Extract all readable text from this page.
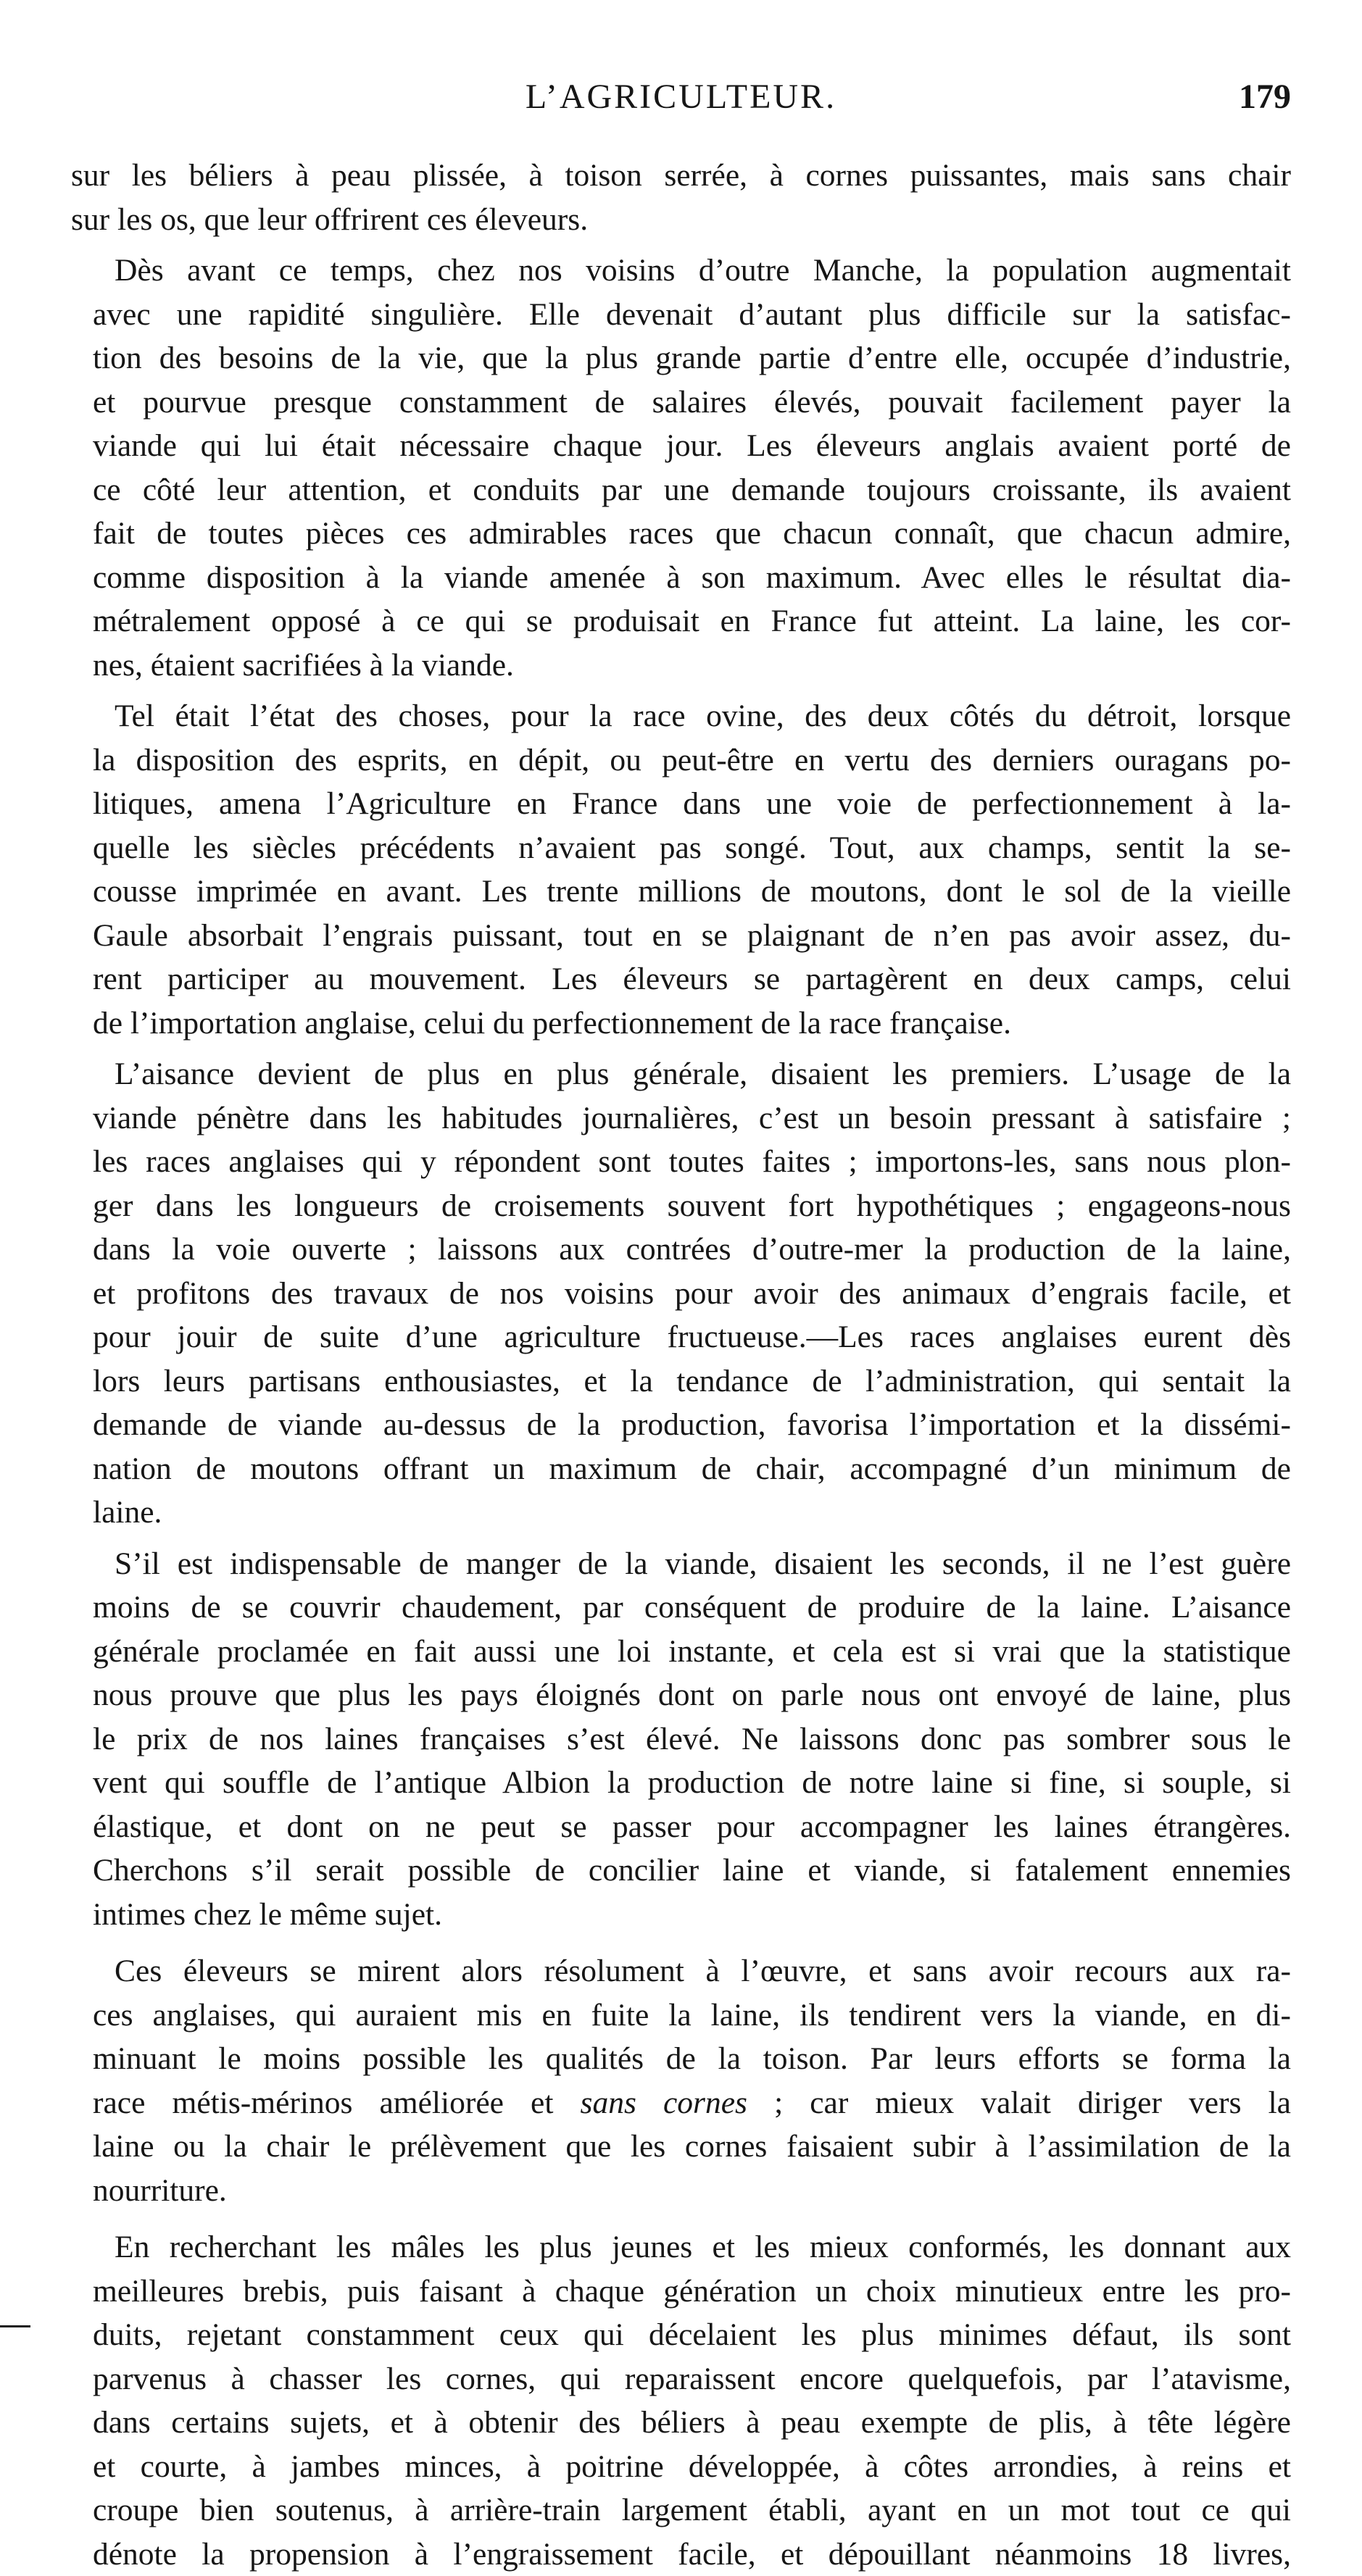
L’AGRICULTEUR.	179
sur les béliers à peau plissée, à toison serrée, à cornes puissantes, mais sans chair
sur les os, que leur offrirent ces éleveurs.
Dès avant ce temps, chez nos voisins d’outre Manche, la population augmentait
avec une rapidité singulière. Elle devenait d’autant plus difficile sur la satisfac-
tion des besoins de la vie, que la plus grande partie d’entre elle, occupée d’industrie,
et pourvue presque constamment de salaires élevés, pouvait facilement payer la
viande qui lui était nécessaire chaque jour. Les éleveurs anglais avaient porté de
ce côté leur attention, et conduits par une demande toujours croissante, ils avaient
fait de toutes pièces ces admirables races que chacun connaît, que chacun admire,
comme disposition à la viande amenée à son maximum. Avec elles le résultat dia-
métralement opposé à ce qui se produisait en France fut atteint. La laine, les cor-
nes, étaient sacrifiées à la viande.
Tel était l’état des choses, pour la race ovine, des deux côtés du détroit, lorsque
la disposition des esprits, en dépit, ou peut-être en vertu des derniers ouragans po-
litiques, amena l’Agriculture en France dans une voie de perfectionnement à la-
quelle les siècles précédents n’avaient pas songé. Tout, aux champs, sentit la se-
cousse imprimée en avant. Les trente millions de moutons, dont le sol de la vieille
Gaule absorbait l’engrais puissant, tout en se plaignant de n’en pas avoir assez, du-
rent participer au mouvement. Les éleveurs se partagèrent en deux camps, celui
de l’importation anglaise, celui du perfectionnement de la race française.
L’aisance devient de plus en plus générale, disaient les premiers. L’usage de la
viande pénètre dans les habitudes journalières, c’est un besoin pressant à satisfaire ;
les races anglaises qui y répondent sont toutes faites ; importons-les, sans nous plon-
ger dans les longueurs de croisements souvent fort hypothétiques ; engageons-nous
dans la voie ouverte ; laissons aux contrées d’outre-mer la production de la laine,
et profitons des travaux de nos voisins pour avoir des animaux d’engrais facile, et
pour jouir de suite d’une agriculture fructueuse.—Les races anglaises eurent dès
lors leurs partisans enthousiastes, et la tendance de l’administration, qui sentait la
demande de viande au-dessus de la production, favorisa l’importation et la dissémi-
nation de moutons offrant un maximum de chair, accompagné d’un minimum de
laine.
S’il est indispensable de manger de la viande, disaient les seconds, il ne l’est guère
moins de se couvrir chaudement, par conséquent de produire de la laine. L’aisance
générale proclamée en fait aussi une loi instante, et cela est si vrai que la statistique
nous prouve que plus les pays éloignés dont on parle nous ont envoyé de laine, plus
le prix de nos laines françaises s’est élevé. Ne laissons donc pas sombrer sous le
vent qui souffle de l’antique Albion la production de notre laine si fine, si souple, si
élastique, et dont on ne peut se passer pour accompagner les laines étrangères.
Cherchons s’il serait possible de concilier laine et viande, si fatalement ennemies
intimes chez le même sujet.
Ces éleveurs se mirent alors résolument à l’œuvre, et sans avoir recours aux ra-
ces anglaises, qui auraient mis en fuite la laine, ils tendirent vers la viande, en di-
minuant le moins possible les qualités de la toison. Par leurs efforts se forma la
race métis-mérinos améliorée et sans cornes ; car mieux valait diriger vers la
laine ou la chair le prélèvement que les cornes faisaient subir à l’assimilation de la
nourriture.
En recherchant les mâles les plus jeunes et les mieux conformés, les donnant aux
meilleures brebis, puis faisant à chaque génération un choix minutieux entre les pro-
duits, rejetant constamment ceux qui décelaient les plus minimes défaut, ils sont
parvenus à chasser les cornes, qui reparaissent encore quelquefois, par l’atavisme,
dans certains sujets, et à obtenir des béliers à peau exempte de plis, à tête légère
et courte, à jambes minces, à poitrine développée, à côtes arrondies, à reins et
croupe bien soutenus, à arrière-train largement établi, ayant en un mot tout ce qui
dénote la propension à l’engraissement facile, et dépouillant néanmoins 18 livres,
